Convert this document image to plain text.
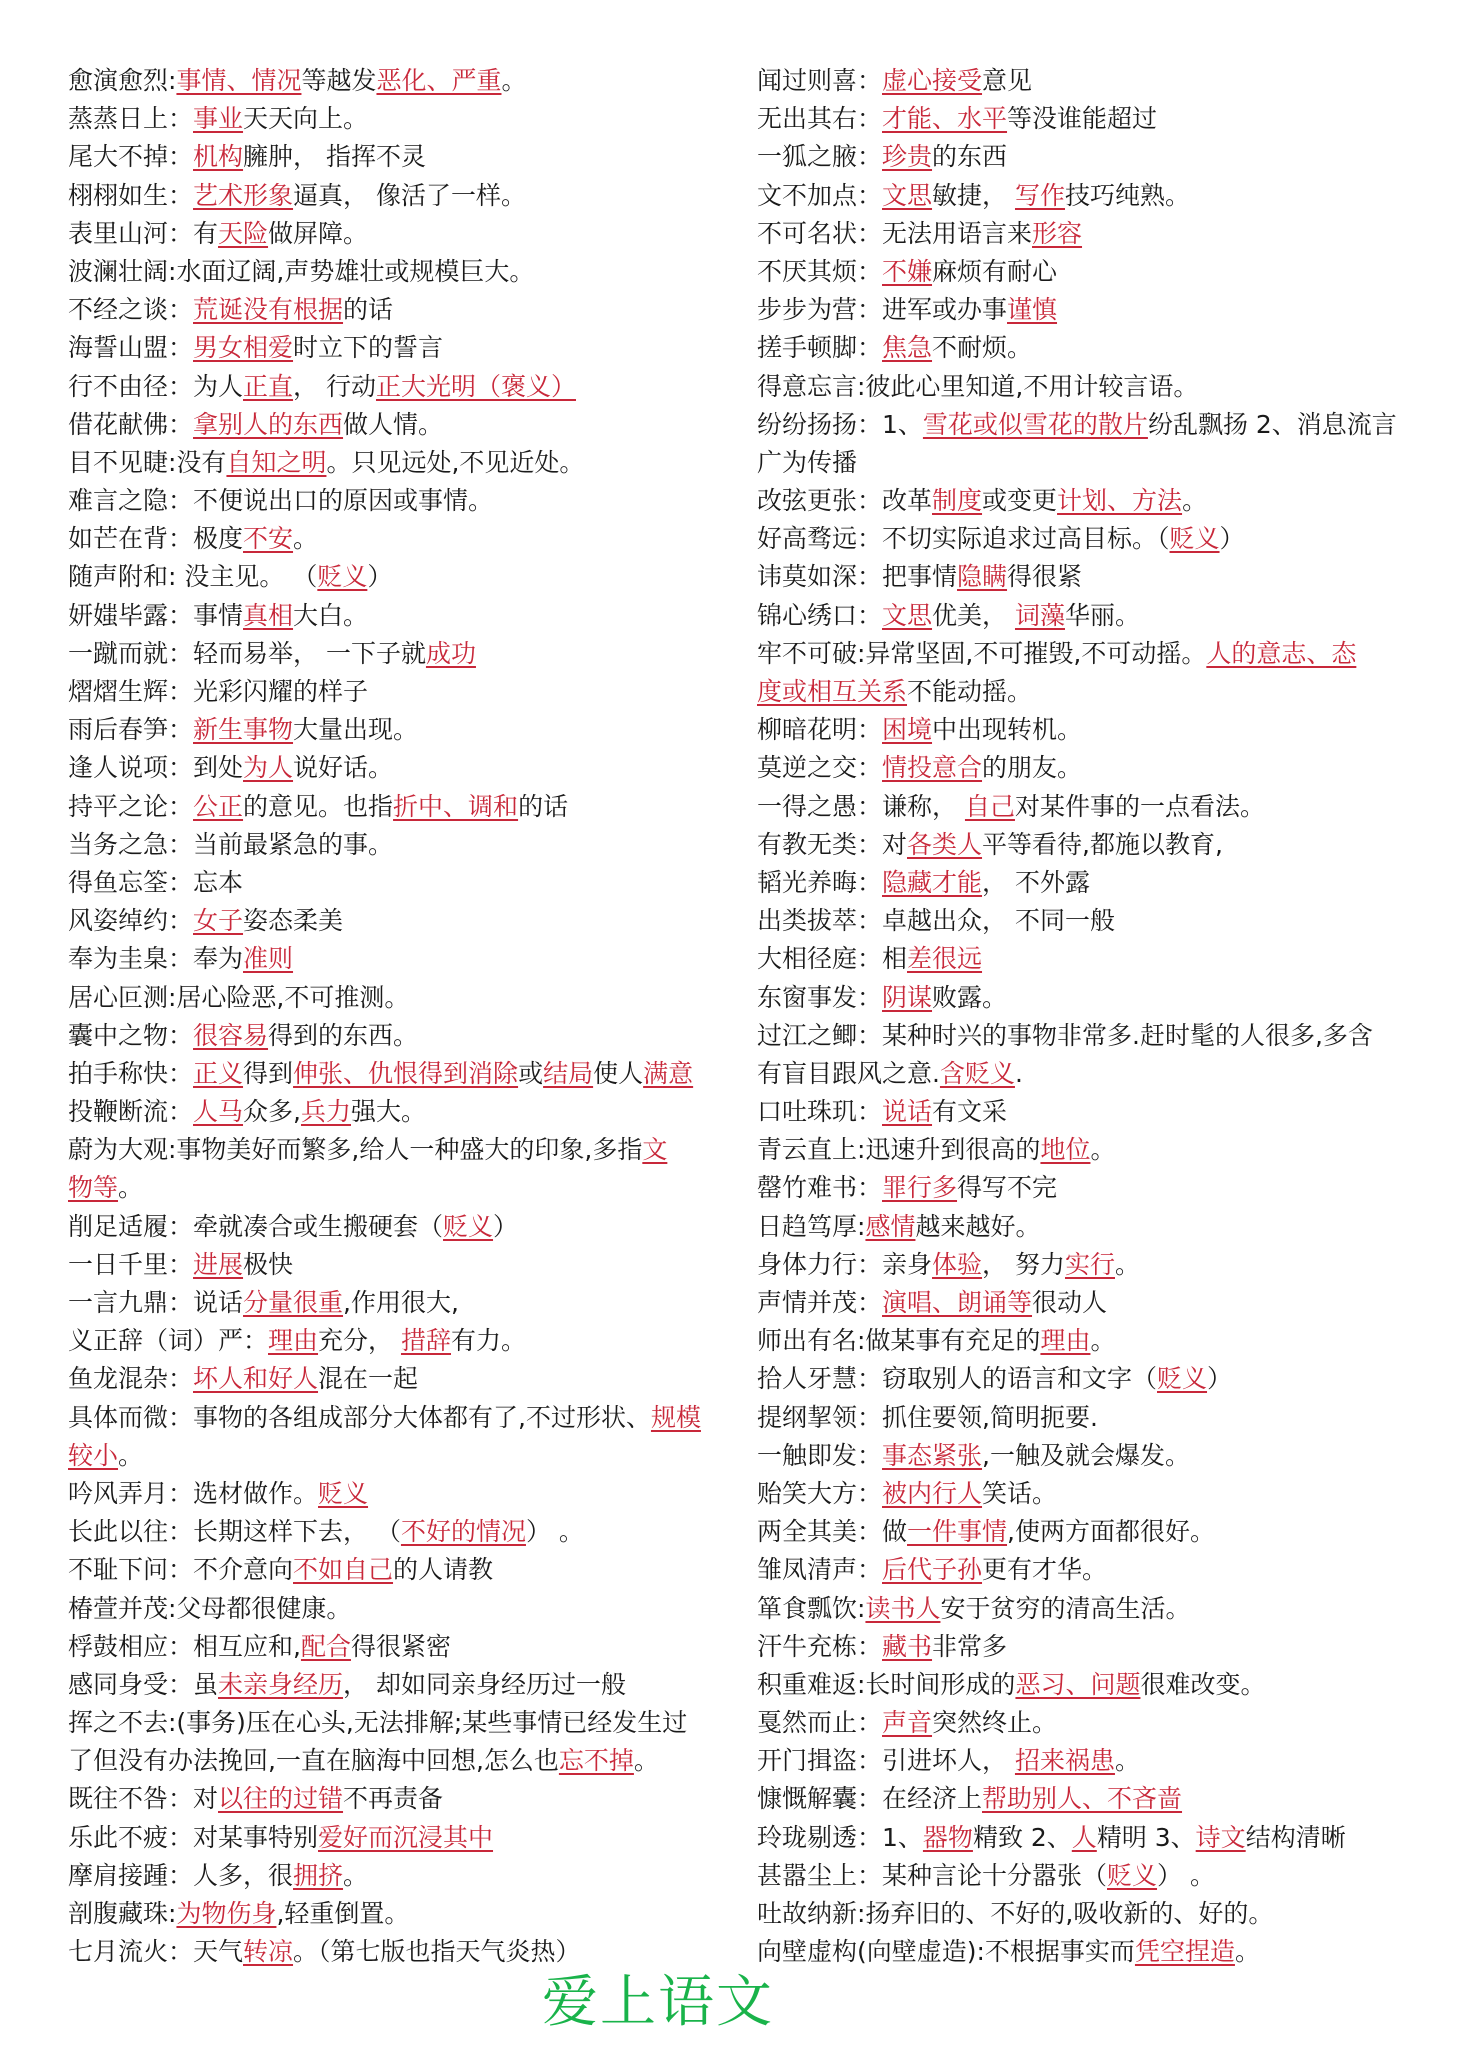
愈演愈烈:事情、情况等越发恶化、严重。
蒸蒸日上：事业天天向上。
尾大不掉：机构臃肿， 指挥不灵
栩栩如生：艺术形象逼真， 像活了一样。
表里山河：有天险做屏障。
波澜壮阔:水面辽阔,声势雄壮或规模巨大。
不经之谈：荒诞没有根据的话
海誓山盟：男女相爱时立下的誓言
行不由径：为人正直， 行动正大光明（褒义）
借花献佛：拿别人的东西做人情。
目不见睫:没有自知之明。只见远处,不见近处。
难言之隐：不便说出口的原因或事情。
如芒在背：极度不安。
随声附和: 没主见。 （贬义）
妍媸毕露：事情真相大白。
一蹴而就：轻而易举， 一下子就成功
熠熠生辉：光彩闪耀的样子
雨后春笋：新生事物大量出现。
逢人说项：到处为人说好话。
持平之论：公正的意见。也指折中、调和的话
当务之急：当前最紧急的事。
得鱼忘筌：忘本
风姿绰约：女子姿态柔美
奉为圭臬：奉为准则
居心叵测:居心险恶,不可推测。
囊中之物：很容易得到的东西。
拍手称快：正义得到伸张、仇恨得到消除或结局使人满意
投鞭断流：人马众多,兵力强大。
蔚为大观:事物美好而繁多,给人一种盛大的印象,多指文
物等。
削足适履：牵就凑合或生搬硬套（贬义）
一日千里：进展极快
一言九鼎：说话分量很重,作用很大,
义正辞（词）严：理由充分， 措辞有力。
鱼龙混杂：坏人和好人混在一起
具体而微：事物的各组成部分大体都有了,不过形状、规模
较小。
吟风弄月：选材做作。贬义
长此以往：长期这样下去， （不好的情况） 。
不耻下问：不介意向不如自己的人请教
椿萱并茂:父母都很健康。
桴鼓相应：相互应和,配合得很紧密
感同身受：虽未亲身经历， 却如同亲身经历过一般
挥之不去:(事务)压在心头,无法排解;某些事情已经发生过
了但没有办法挽回,一直在脑海中回想,怎么也忘不掉。
既往不咎：对以往的过错不再责备
乐此不疲：对某事特别爱好而沉浸其中
摩肩接踵：人多，很拥挤。
剖腹藏珠:为物伤身,轻重倒置。
七月流火：天气转凉。（第七版也指天气炎热）
闻过则喜：虚心接受意见
无出其右：才能、水平等没谁能超过
一狐之腋：珍贵的东西
文不加点：文思敏捷， 写作技巧纯熟。
不可名状：无法用语言来形容
不厌其烦：不嫌麻烦有耐心
步步为营：进军或办事谨慎
搓手顿脚：焦急不耐烦。
得意忘言:彼此心里知道,不用计较言语。
纷纷扬扬：1、雪花或似雪花的散片纷乱飘扬 2、消息流言
广为传播
改弦更张：改革制度或变更计划、方法。
好高骛远：不切实际追求过高目标。（贬义）
讳莫如深：把事情隐瞒得很紧
锦心绣口：文思优美， 词藻华丽。
牢不可破:异常坚固,不可摧毁,不可动摇。人的意志、态
度或相互关系不能动摇。
柳暗花明：困境中出现转机。
莫逆之交：情投意合的朋友。
一得之愚：谦称， 自己对某件事的一点看法。
有教无类：对各类人平等看待,都施以教育,
韬光养晦：隐藏才能， 不外露
出类拔萃：卓越出众， 不同一般
大相径庭：相差很远
东窗事发：阴谋败露。
过江之鲫：某种时兴的事物非常多.赶时髦的人很多,多含
有盲目跟风之意.含贬义.
口吐珠玑：说话有文采
青云直上:迅速升到很高的地位。
罄竹难书：罪行多得写不完
日趋笃厚:感情越来越好。
身体力行：亲身体验， 努力实行。
声情并茂：演唱、朗诵等很动人
师出有名:做某事有充足的理由。
拾人牙慧：窃取别人的语言和文字（贬义）
提纲挈领：抓住要领,简明扼要.
一触即发：事态紧张,一触及就会爆发。
贻笑大方：被内行人笑话。
两全其美：做一件事情,使两方面都很好。
雏凤清声：后代子孙更有才华。
箪食瓢饮:读书人安于贫穷的清高生活。
汗牛充栋：藏书非常多
积重难返:长时间形成的恶习、问题很难改变。
戛然而止：声音突然终止。
开门揖盗：引进坏人， 招来祸患。
慷慨解囊：在经济上帮助别人、不吝啬
玲珑剔透：1、器物精致 2、人精明 3、诗文结构清晰
甚嚣尘上：某种言论十分嚣张（贬义） 。
吐故纳新:扬弃旧的、不好的,吸收新的、好的。
向壁虚构(向壁虚造):不根据事实而凭空捏造。
爱上语文
